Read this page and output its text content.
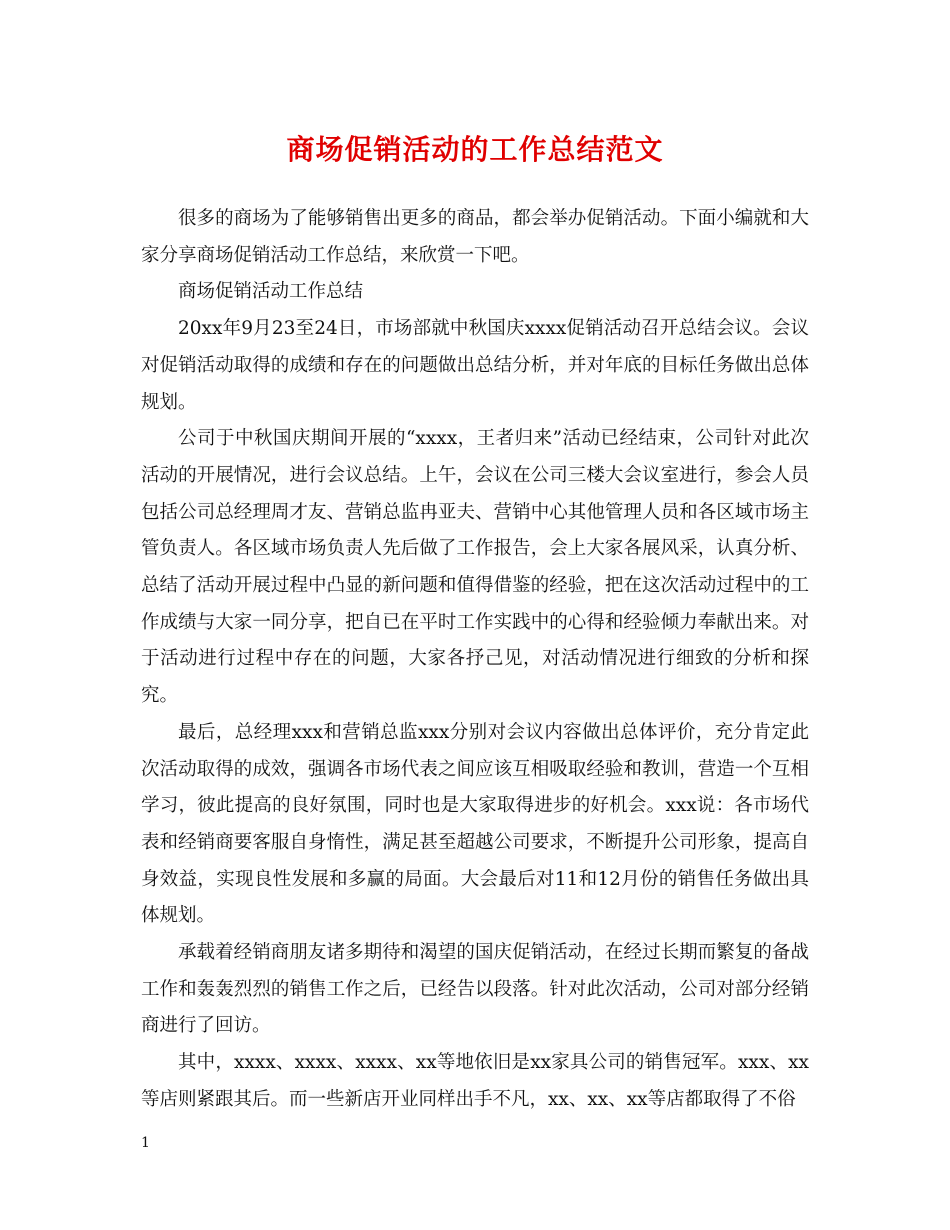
商场促销活动的工作总结范文

很多的商场为了能够销售出更多的商品，都会举办促销活动。下面小编就和大家分享商场促销活动工作总结，来欣赏一下吧。

商场促销活动工作总结

20xx年9月23至24日，市场部就中秋国庆xxxx促销活动召开总结会议。会议对促销活动取得的成绩和存在的问题做出总结分析，并对年底的目标任务做出总体规划。

公司于中秋国庆期间开展的“xxxx，王者归来”活动已经结束，公司针对此次活动的开展情况，进行会议总结。上午，会议在公司三楼大会议室进行，参会人员包括公司总经理周才友、营销总监冉亚夫、营销中心其他管理人员和各区域市场主管负责人。各区域市场负责人先后做了工作报告，会上大家各展风采，认真分析、总结了活动开展过程中凸显的新问题和值得借鉴的经验，把在这次活动过程中的工作成绩与大家一同分享，把自已在平时工作实践中的心得和经验倾力奉献出来。对于活动进行过程中存在的问题，大家各抒己见，对活动情况进行细致的分析和探究。

最后，总经理xxx和营销总监xxx分别对会议内容做出总体评价，充分肯定此次活动取得的成效，强调各市场代表之间应该互相吸取经验和教训，营造一个互相学习，彼此提高的良好氛围，同时也是大家取得进步的好机会。xxx说：各市场代表和经销商要客服自身惰性，满足甚至超越公司要求，不断提升公司形象，提高自身效益，实现良性发展和多赢的局面。大会最后对11和12月份的销售任务做出具体规划。

承载着经销商朋友诸多期待和渴望的国庆促销活动，在经过长期而繁复的备战工作和轰轰烈烈的销售工作之后，已经告以段落。针对此次活动，公司对部分经销商进行了回访。

其中，xxxx、xxxx、xxxx、xx等地依旧是xx家具公司的销售冠军。xxx、xx等店则紧跟其后。而一些新店开业同样出手不凡，xx、xx、xx等店都取得了不俗

1
